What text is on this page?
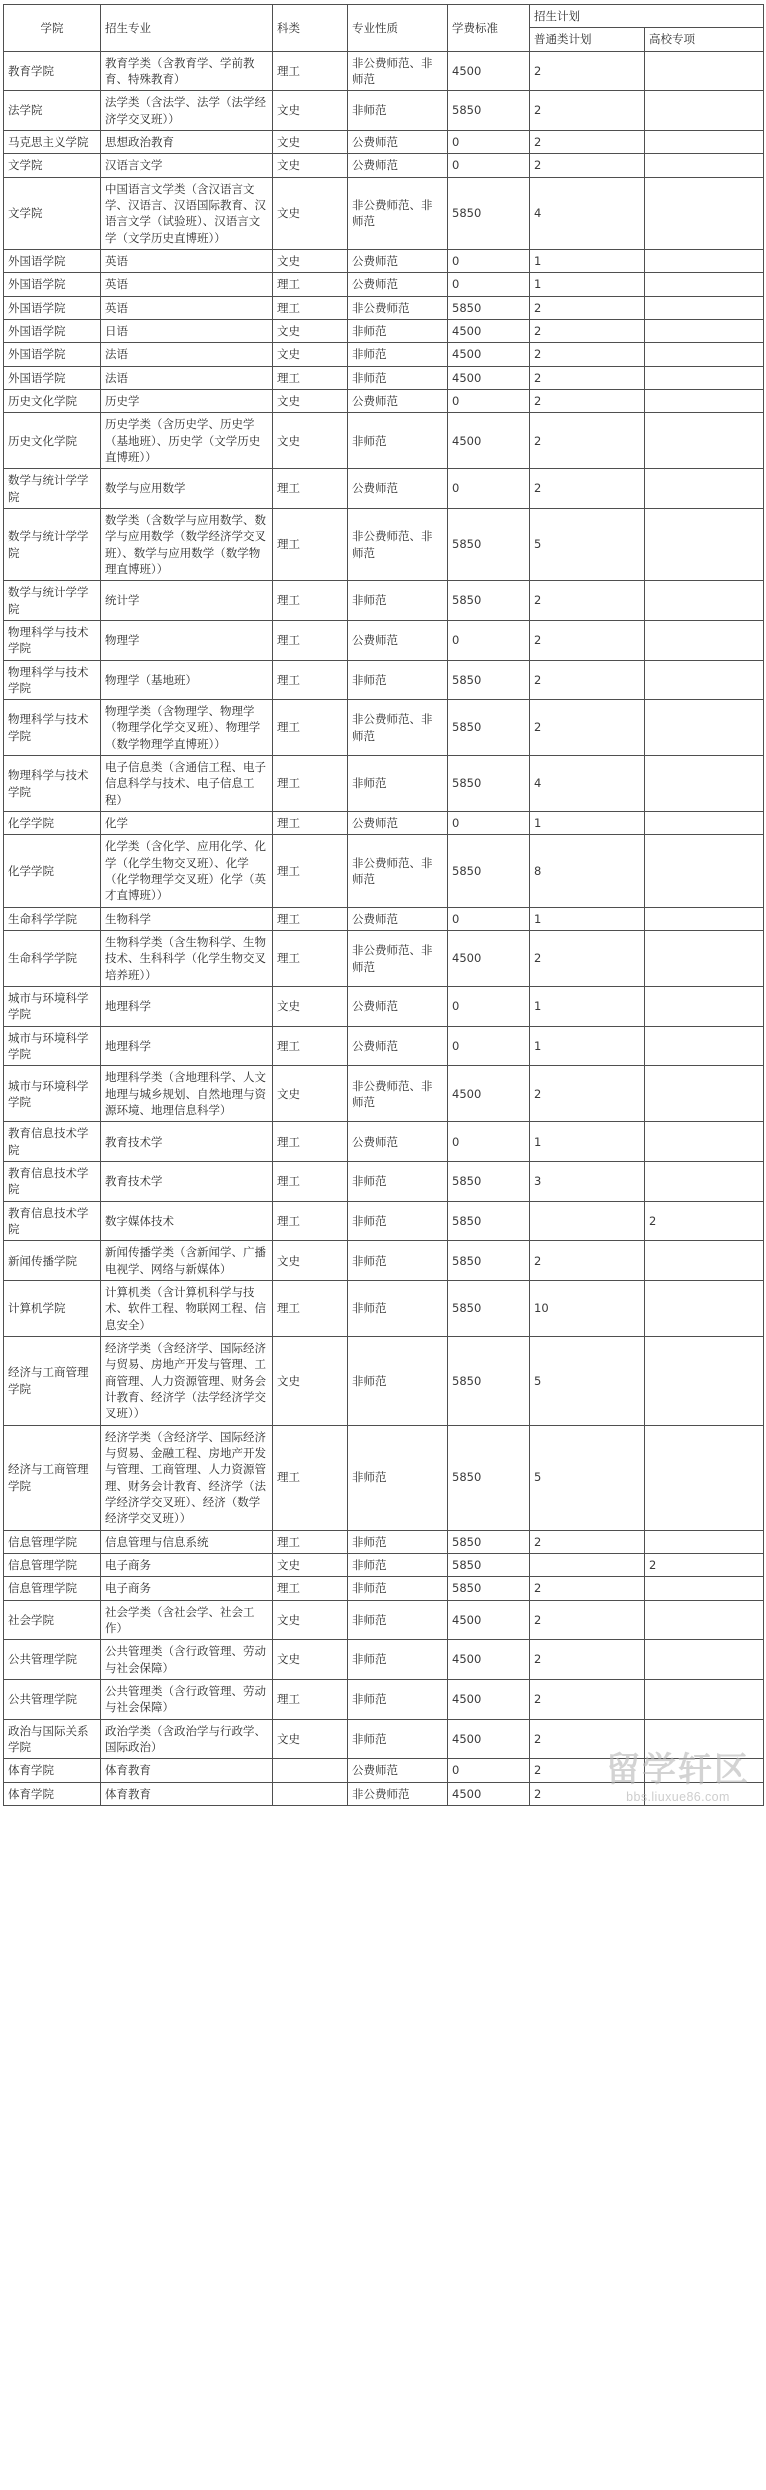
学院	招生专业	科类	专业性质	学费标准	招生计划	
					普通类计划	高校专项
教育学院	教育学类（含教育学、学前教育、特殊教育）	理工	非公费师范、非师范	4500	2	
法学院	法学类（含法学、法学（法学经济学交叉班））	文史	非师范	5850	2	
马克思主义学院	思想政治教育	文史	公费师范	0	2	
文学院	汉语言文学	文史	公费师范	0	2	
文学院	中国语言文学类（含汉语言文学、汉语言、汉语国际教育、汉语言文学（试验班）、汉语言文学（文学历史直博班））	文史	非公费师范、非师范	5850	4	
外国语学院	英语	文史	公费师范	0	1	
外国语学院	英语	理工	公费师范	0	1	
外国语学院	英语	理工	非公费师范	5850	2	
外国语学院	日语	文史	非师范	4500	2	
外国语学院	法语	文史	非师范	4500	2	
外国语学院	法语	理工	非师范	4500	2	
历史文化学院	历史学	文史	公费师范	0	2	
历史文化学院	历史学类（含历史学、历史学（基地班）、历史学（文学历史直博班））	文史	非师范	4500	2	
数学与统计学学院	数学与应用数学	理工	公费师范	0	2	
数学与统计学学院	数学类（含数学与应用数学、数学与应用数学（数学经济学交叉班）、数学与应用数学（数学物理直博班））	理工	非公费师范、非师范	5850	5	
数学与统计学学院	统计学	理工	非师范	5850	2	
物理科学与技术学院	物理学	理工	公费师范	0	2	
物理科学与技术学院	物理学（基地班）	理工	非师范	5850	2	
物理科学与技术学院	物理学类（含物理学、物理学（物理学化学交叉班）、物理学（数学物理学直博班））	理工	非公费师范、非师范	5850	2	
物理科学与技术学院	电子信息类（含通信工程、电子信息科学与技术、电子信息工程）	理工	非师范	5850	4	
化学学院	化学	理工	公费师范	0	1	
化学学院	化学类（含化学、应用化学、化学（化学生物交叉班）、化学（化学物理学交叉班）化学（英才直博班））	理工	非公费师范、非师范	5850	8	
生命科学学院	生物科学	理工	公费师范	0	1	
生命科学学院	生物科学类（含生物科学、生物技术、生科科学（化学生物交叉培养班））	理工	非公费师范、非师范	4500	2	
城市与环境科学学院	地理科学	文史	公费师范	0	1	
城市与环境科学学院	地理科学	理工	公费师范	0	1	
城市与环境科学学院	地理科学类（含地理科学、人文地理与城乡规划、自然地理与资源环境、地理信息科学）	文史	非公费师范、非师范	4500	2	
教育信息技术学院	教育技术学	理工	公费师范	0	1	
教育信息技术学院	教育技术学	理工	非师范	5850	3	
教育信息技术学院	数字媒体技术	理工	非师范	5850		2
新闻传播学院	新闻传播学类（含新闻学、广播电视学、网络与新媒体）	文史	非师范	5850	2	
计算机学院	计算机类（含计算机科学与技术、软件工程、物联网工程、信息安全）	理工	非师范	5850	10	
经济与工商管理学院	经济学类（含经济学、国际经济与贸易、房地产开发与管理、工商管理、人力资源管理、财务会计教育、经济学（法学经济学交叉班））	文史	非师范	5850	5	
经济与工商管理学院	经济学类（含经济学、国际经济与贸易、金融工程、房地产开发与管理、工商管理、人力资源管理、财务会计教育、经济学（法学经济学交叉班）、经济（数学经济学交叉班））	理工	非师范	5850	5	
信息管理学院	信息管理与信息系统	理工	非师范	5850	2	
信息管理学院	电子商务	文史	非师范	5850		2
信息管理学院	电子商务	理工	非师范	5850	2	
社会学院	社会学类（含社会学、社会工作）	文史	非师范	4500	2	
公共管理学院	公共管理类（含行政管理、劳动与社会保障）	文史	非师范	4500	2	
公共管理学院	公共管理类（含行政管理、劳动与社会保障）	理工	非师范	4500	2	
政治与国际关系学院	政治学类（含政治学与行政学、国际政治）	文史	非师范	4500	2	
体育学院	体育教育		公费师范	0	2	
体育学院	体育教育		非公费师范	4500	2	
留学轩区
bbs.liuxue86.com
